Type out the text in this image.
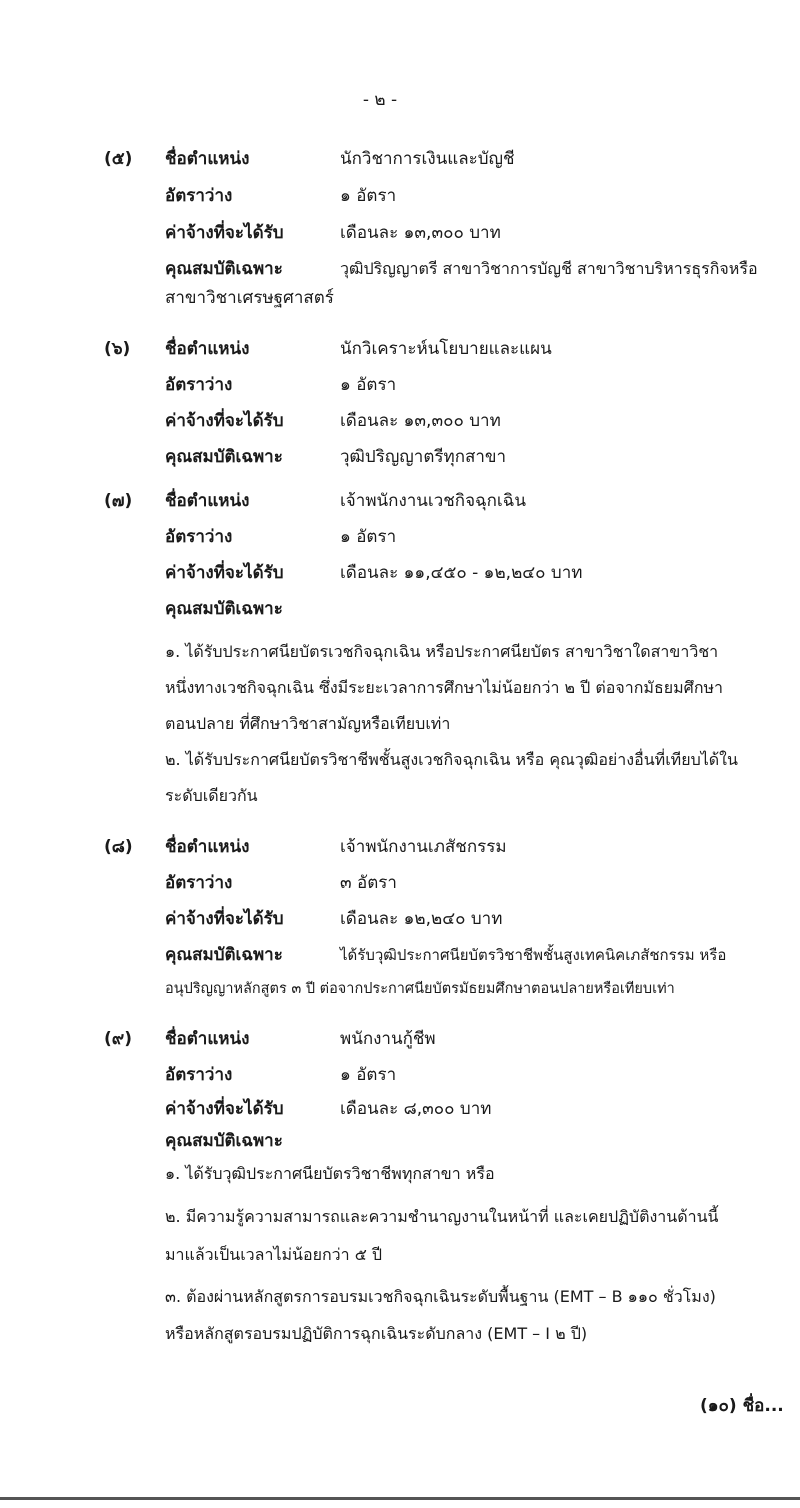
- ๒ -
(๕) ชื่อตำแหน่ง	นักวิชาการเงินและบัญชี
อัตราว่าง	๑ อัตรา
ค่าจ้างที่จะได้รับ	เดือนละ ๑๓,๓๐๐ บาท
คุณสมบัติเฉพาะ	วุฒิปริญญาตรี สาขาวิชาการบัญชี สาขาวิชาบริหารธุรกิจหรือ
สาขาวิชาเศรษฐศาสตร์
(๖) ชื่อตำแหน่ง	นักวิเคราะห์นโยบายและแผน
อัตราว่าง	๑ อัตรา
ค่าจ้างที่จะได้รับ	เดือนละ ๑๓,๓๐๐ บาท
คุณสมบัติเฉพาะ	วุฒิปริญญาตรีทุกสาขา
(๗) ชื่อตำแหน่ง	เจ้าพนักงานเวชกิจฉุกเฉิน
อัตราว่าง	๑ อัตรา
ค่าจ้างที่จะได้รับ	เดือนละ ๑๑,๔๕๐ - ๑๒,๒๔๐ บาท
คุณสมบัติเฉพาะ
๑. ได้รับประกาศนียบัตรเวชกิจฉุกเฉิน หรือประกาศนียบัตร สาขาวิชาใดสาขาวิชา
หนึ่งทางเวชกิจฉุกเฉิน ซึ่งมีระยะเวลาการศึกษาไม่น้อยกว่า ๒ ปี ต่อจากมัธยมศึกษา
ตอนปลาย ที่ศึกษาวิชาสามัญหรือเทียบเท่า
๒. ได้รับประกาศนียบัตรวิชาชีพชั้นสูงเวชกิจฉุกเฉิน หรือ คุณวุฒิอย่างอื่นที่เทียบได้ใน
ระดับเดียวกัน
(๘) ชื่อตำแหน่ง	เจ้าพนักงานเภสัชกรรม
อัตราว่าง	๓ อัตรา
ค่าจ้างที่จะได้รับ	เดือนละ ๑๒,๒๔๐ บาท
คุณสมบัติเฉพาะ	ได้รับวุฒิประกาศนียบัตรวิชาชีพชั้นสูงเทคนิคเภสัชกรรม หรือ
อนุปริญญาหลักสูตร ๓ ปี ต่อจากประกาศนียบัตรมัธยมศึกษาตอนปลายหรือเทียบเท่า
(๙) ชื่อตำแหน่ง	พนักงานกู้ชีพ
อัตราว่าง	๑ อัตรา
ค่าจ้างที่จะได้รับ	เดือนละ ๘,๓๐๐ บาท
คุณสมบัติเฉพาะ
๑. ได้รับวุฒิประกาศนียบัตรวิชาชีพทุกสาขา หรือ
๒. มีความรู้ความสามารถและความชำนาญงานในหน้าที่ และเคยปฏิบัติงานด้านนี้
มาแล้วเป็นเวลาไม่น้อยกว่า ๕ ปี
๓. ต้องผ่านหลักสูตรการอบรมเวชกิจฉุกเฉินระดับพื้นฐาน (EMT – B ๑๑๐ ชั่วโมง)
หรือหลักสูตรอบรมปฏิบัติการฉุกเฉินระดับกลาง (EMT – I ๒ ปี)
(๑๐) ชื่อ...
